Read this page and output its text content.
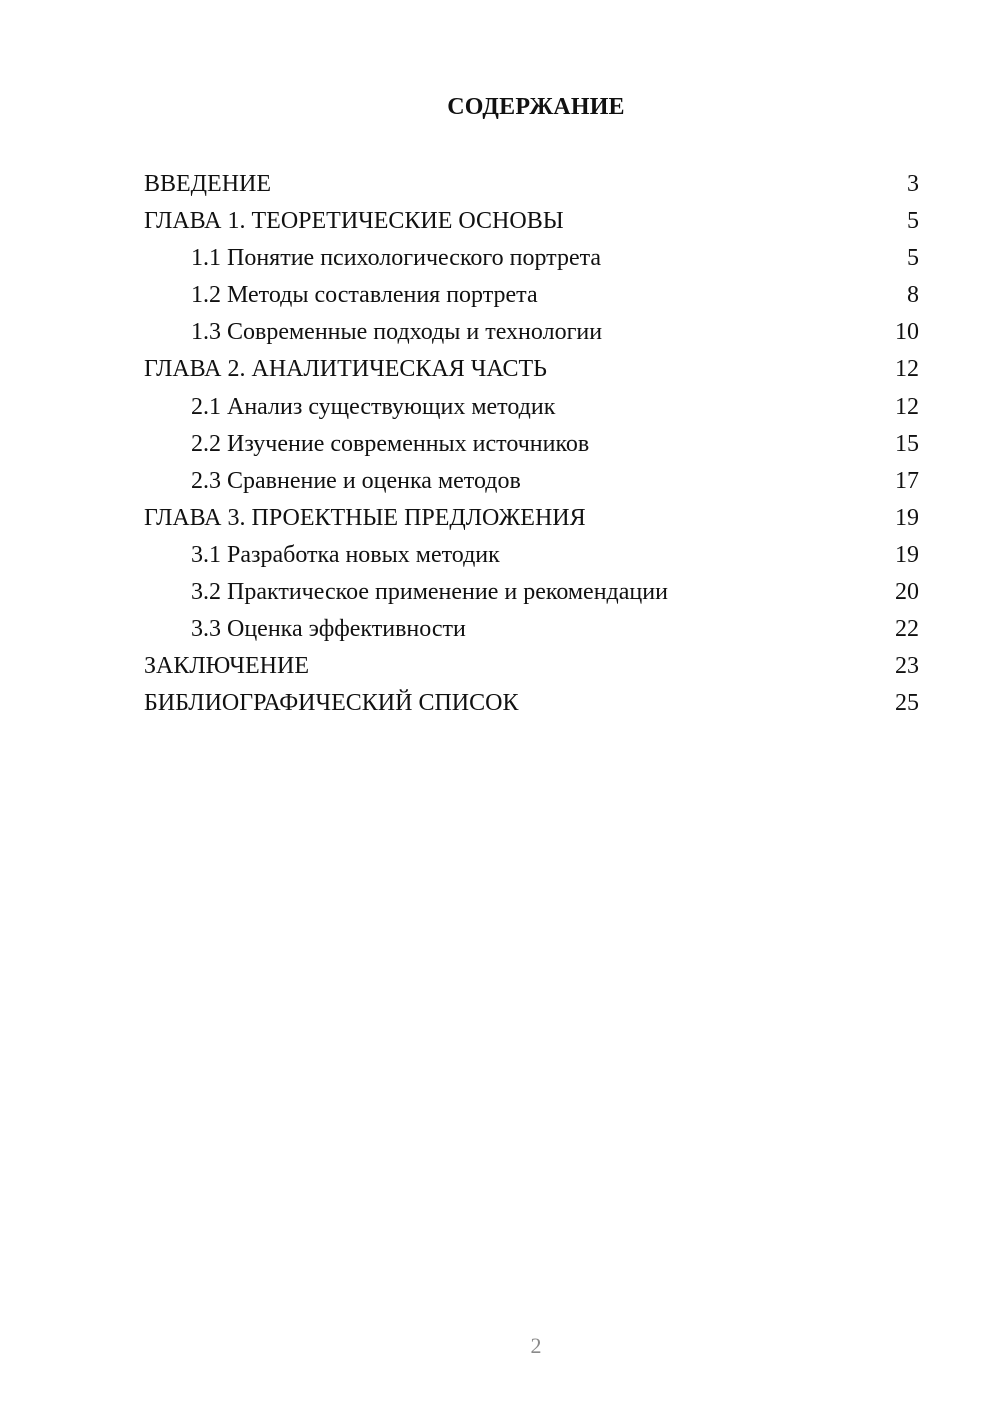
СОДЕРЖАНИЕ
ВВЕДЕНИЕ	3
ГЛАВА 1. ТЕОРЕТИЧЕСКИЕ ОСНОВЫ	5
1.1 Понятие психологического портрета	5
1.2 Методы составления портрета	8
1.3 Современные подходы и технологии	10
ГЛАВА 2. АНАЛИТИЧЕСКАЯ ЧАСТЬ	12
2.1 Анализ существующих методик	12
2.2 Изучение современных источников	15
2.3 Сравнение и оценка методов	17
ГЛАВА 3. ПРОЕКТНЫЕ ПРЕДЛОЖЕНИЯ	19
3.1 Разработка новых методик	19
3.2 Практическое применение и рекомендации	20
3.3 Оценка эффективности	22
ЗАКЛЮЧЕНИЕ	23
БИБЛИОГРАФИЧЕСКИЙ СПИСОК	25
2
